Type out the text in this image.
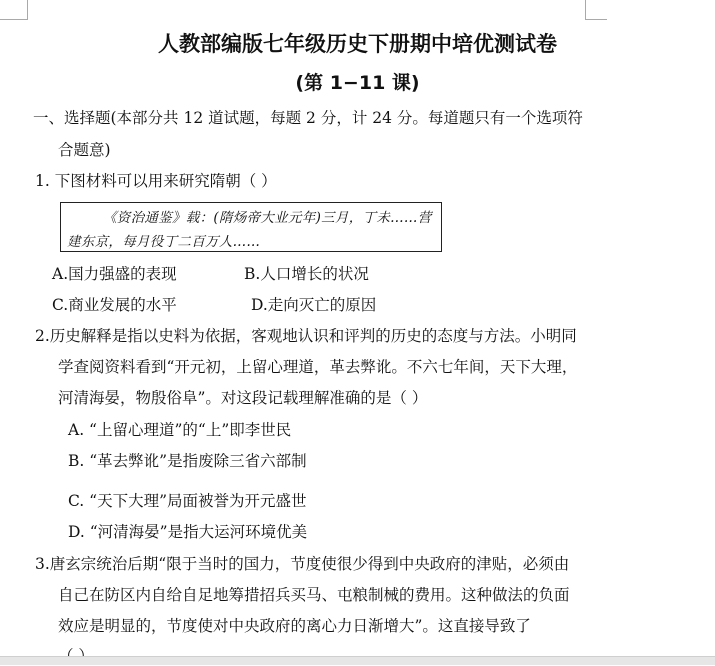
人教部编版七年级历史下册期中培优测试卷
(第 1−11 课)
一、选择题(本部分共 12 道试题，每题 2 分，计 24 分。每道题只有一个选项符
合题意)
1. 下图材料可以用来研究隋朝（ ）
《资治通鉴》载：(隋炀帝大业元年)三月，丁未……营
建东京，每月役丁二百万人……
A.国力强盛的表现	B.人口增长的状况
C.商业发展的水平	D.走向灭亡的原因
2.历史解释是指以史料为依据，客观地认识和评判的历史的态度与方法。小明同
学查阅资料看到“开元初，上留心理道，革去弊讹。不六七年间，天下大理，
河清海晏，物殷俗阜”。对这段记载理解准确的是（ ）
A. “上留心理道”的“上”即李世民
B. “革去弊讹”是指废除三省六部制
C. “天下大理”局面被誉为开元盛世
D. “河清海晏”是指大运河环境优美
3.唐玄宗统治后期“限于当时的国力，节度使很少得到中央政府的津贴，必须由
自己在防区内自给自足地筹措招兵买马、屯粮制械的费用。这种做法的负面
效应是明显的，节度使对中央政府的离心力日渐增大”。这直接导致了
